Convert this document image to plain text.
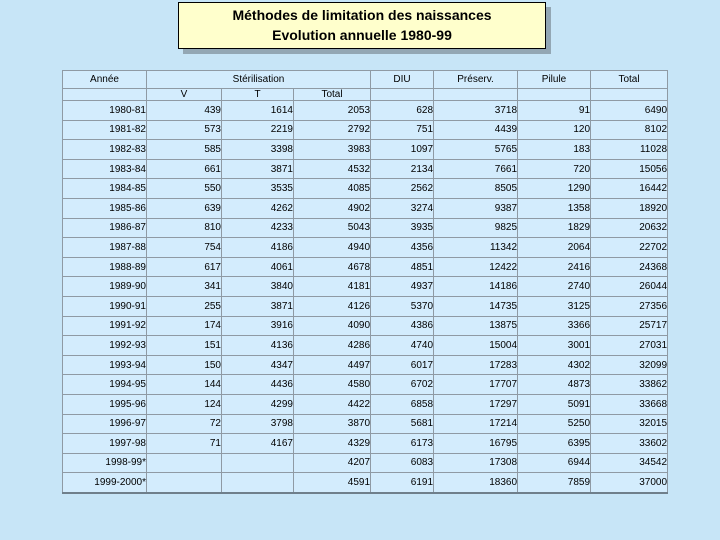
Méthodes de limitation des naissances
Evolution annuelle 1980-99
Année	Stérilisation			DIU	Préserv.	Pilule	Total

	V	T	Total				

1980-81	439	1614	2053	628	3718	91	6490
1981-82	573	2219	2792	751	4439	120	8102
1982-83	585	3398	3983	1097	5765	183	11028
1983-84	661	3871	4532	2134	7661	720	15056
1984-85	550	3535	4085	2562	8505	1290	16442
1985-86	639	4262	4902	3274	9387	1358	18920
1986-87	810	4233	5043	3935	9825	1829	20632
1987-88	754	4186	4940	4356	11342	2064	22702
1988-89	617	4061	4678	4851	12422	2416	24368
1989-90	341	3840	4181	4937	14186	2740	26044
1990-91	255	3871	4126	5370	14735	3125	27356
1991-92	174	3916	4090	4386	13875	3366	25717
1992-93	151	4136	4286	4740	15004	3001	27031
1993-94	150	4347	4497	6017	17283	4302	32099
1994-95	144	4436	4580	6702	17707	4873	33862
1995-96	124	4299	4422	6858	17297	5091	33668
1996-97	72	3798	3870	5681	17214	5250	32015
1997-98	71	4167	4329	6173	16795	6395	33602
1998-99*			4207	6083	17308	6944	34542
1999-2000*			4591	6191	18360	7859	37000
